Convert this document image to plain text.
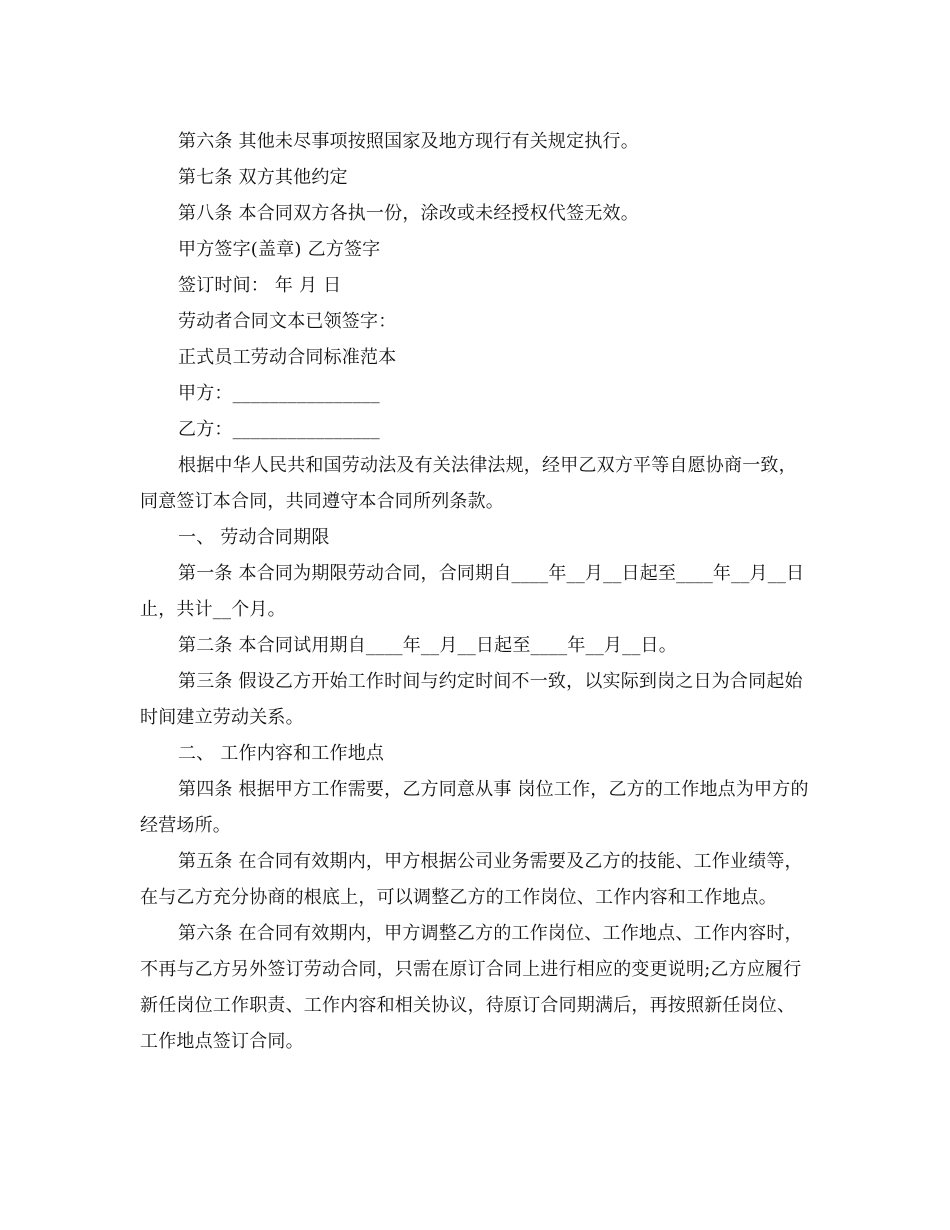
第六条 其他未尽事项按照国家及地方现行有关规定执行。

第七条 双方其他约定

第八条 本合同双方各执一份，涂改或未经授权代签无效。

甲方签字(盖章) 乙方签字

签订时间： 年 月 日

劳动者合同文本已领签字：

正式员工劳动合同标准范本

甲方：________________

乙方：________________

根据中华人民共和国劳动法及有关法律法规，经甲乙双方平等自愿协商一致，同意签订本合同，共同遵守本合同所列条款。

一、 劳动合同期限

第一条 本合同为期限劳动合同，合同期自____年__月__日起至____年__月__日止，共计__个月。

第二条 本合同试用期自____年__月__日起至____年__月__日。

第三条 假设乙方开始工作时间与约定时间不一致，以实际到岗之日为合同起始时间建立劳动关系。

二、 工作内容和工作地点

第四条 根据甲方工作需要，乙方同意从事 岗位工作，乙方的工作地点为甲方的经营场所。

第五条 在合同有效期内，甲方根据公司业务需要及乙方的技能、工作业绩等，在与乙方充分协商的根底上，可以调整乙方的工作岗位、工作内容和工作地点。

第六条 在合同有效期内，甲方调整乙方的工作岗位、工作地点、工作内容时，不再与乙方另外签订劳动合同，只需在原订合同上进行相应的变更说明;乙方应履行新任岗位工作职责、工作内容和相关协议，待原订合同期满后，再按照新任岗位、工作地点签订合同。
